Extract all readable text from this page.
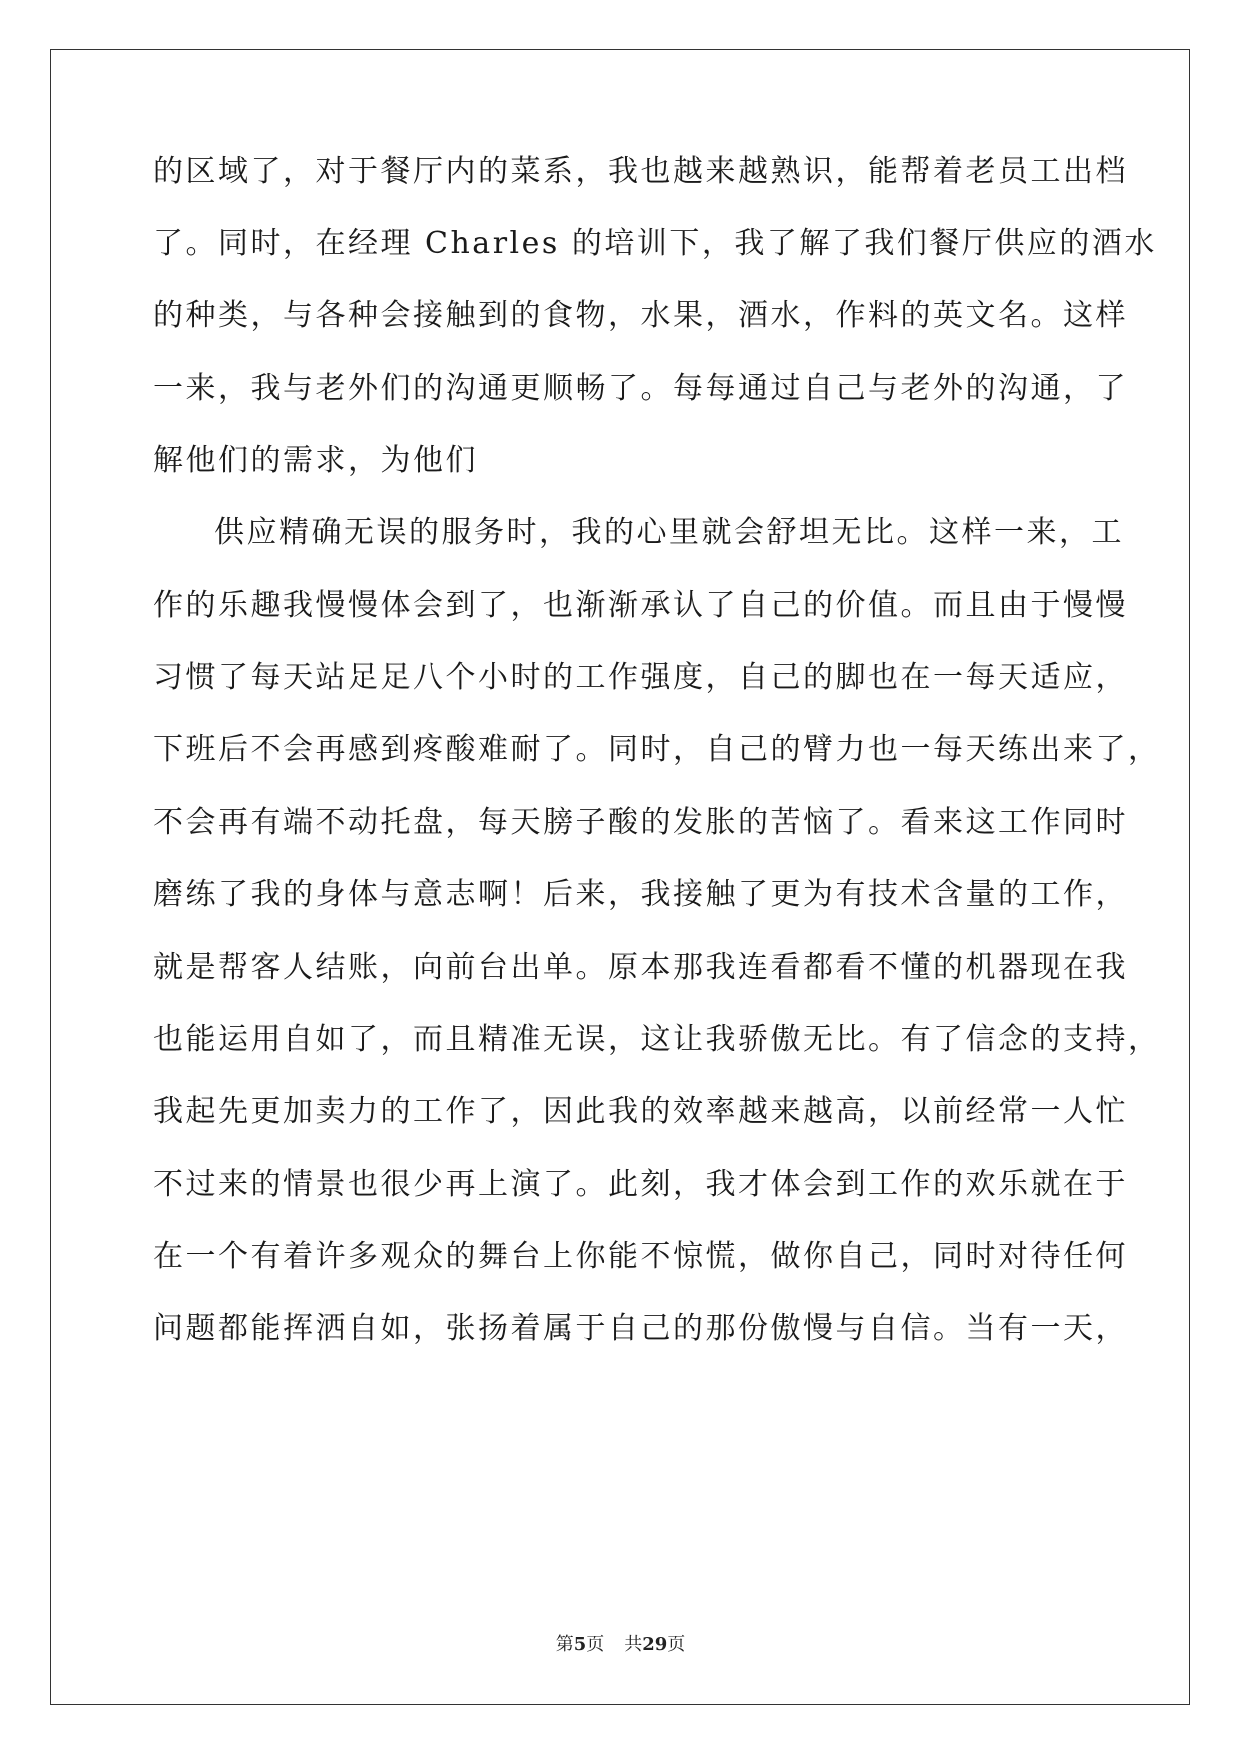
的区域了，对于餐厅内的菜系，我也越来越熟识，能帮着老员工出档
了。同时，在经理 Charles 的培训下，我了解了我们餐厅供应的酒水
的种类，与各种会接触到的食物，水果，酒水，作料的英文名。这样
一来，我与老外们的沟通更顺畅了。每每通过自己与老外的沟通，了
解他们的需求，为他们
供应精确无误的服务时，我的心里就会舒坦无比。这样一来，工
作的乐趣我慢慢体会到了，也渐渐承认了自己的价值。而且由于慢慢
习惯了每天站足足八个小时的工作强度，自己的脚也在一每天适应，
下班后不会再感到疼酸难耐了。同时，自己的臂力也一每天练出来了，
不会再有端不动托盘，每天膀子酸的发胀的苦恼了。看来这工作同时
磨练了我的身体与意志啊！后来，我接触了更为有技术含量的工作，
就是帮客人结账，向前台出单。原本那我连看都看不懂的机器现在我
也能运用自如了，而且精准无误，这让我骄傲无比。有了信念的支持，
我起先更加卖力的工作了，因此我的效率越来越高，以前经常一人忙
不过来的情景也很少再上演了。此刻，我才体会到工作的欢乐就在于
在一个有着许多观众的舞台上你能不惊慌，做你自己，同时对待任何
问题都能挥洒自如，张扬着属于自己的那份傲慢与自信。当有一天，
第5页 共29页
